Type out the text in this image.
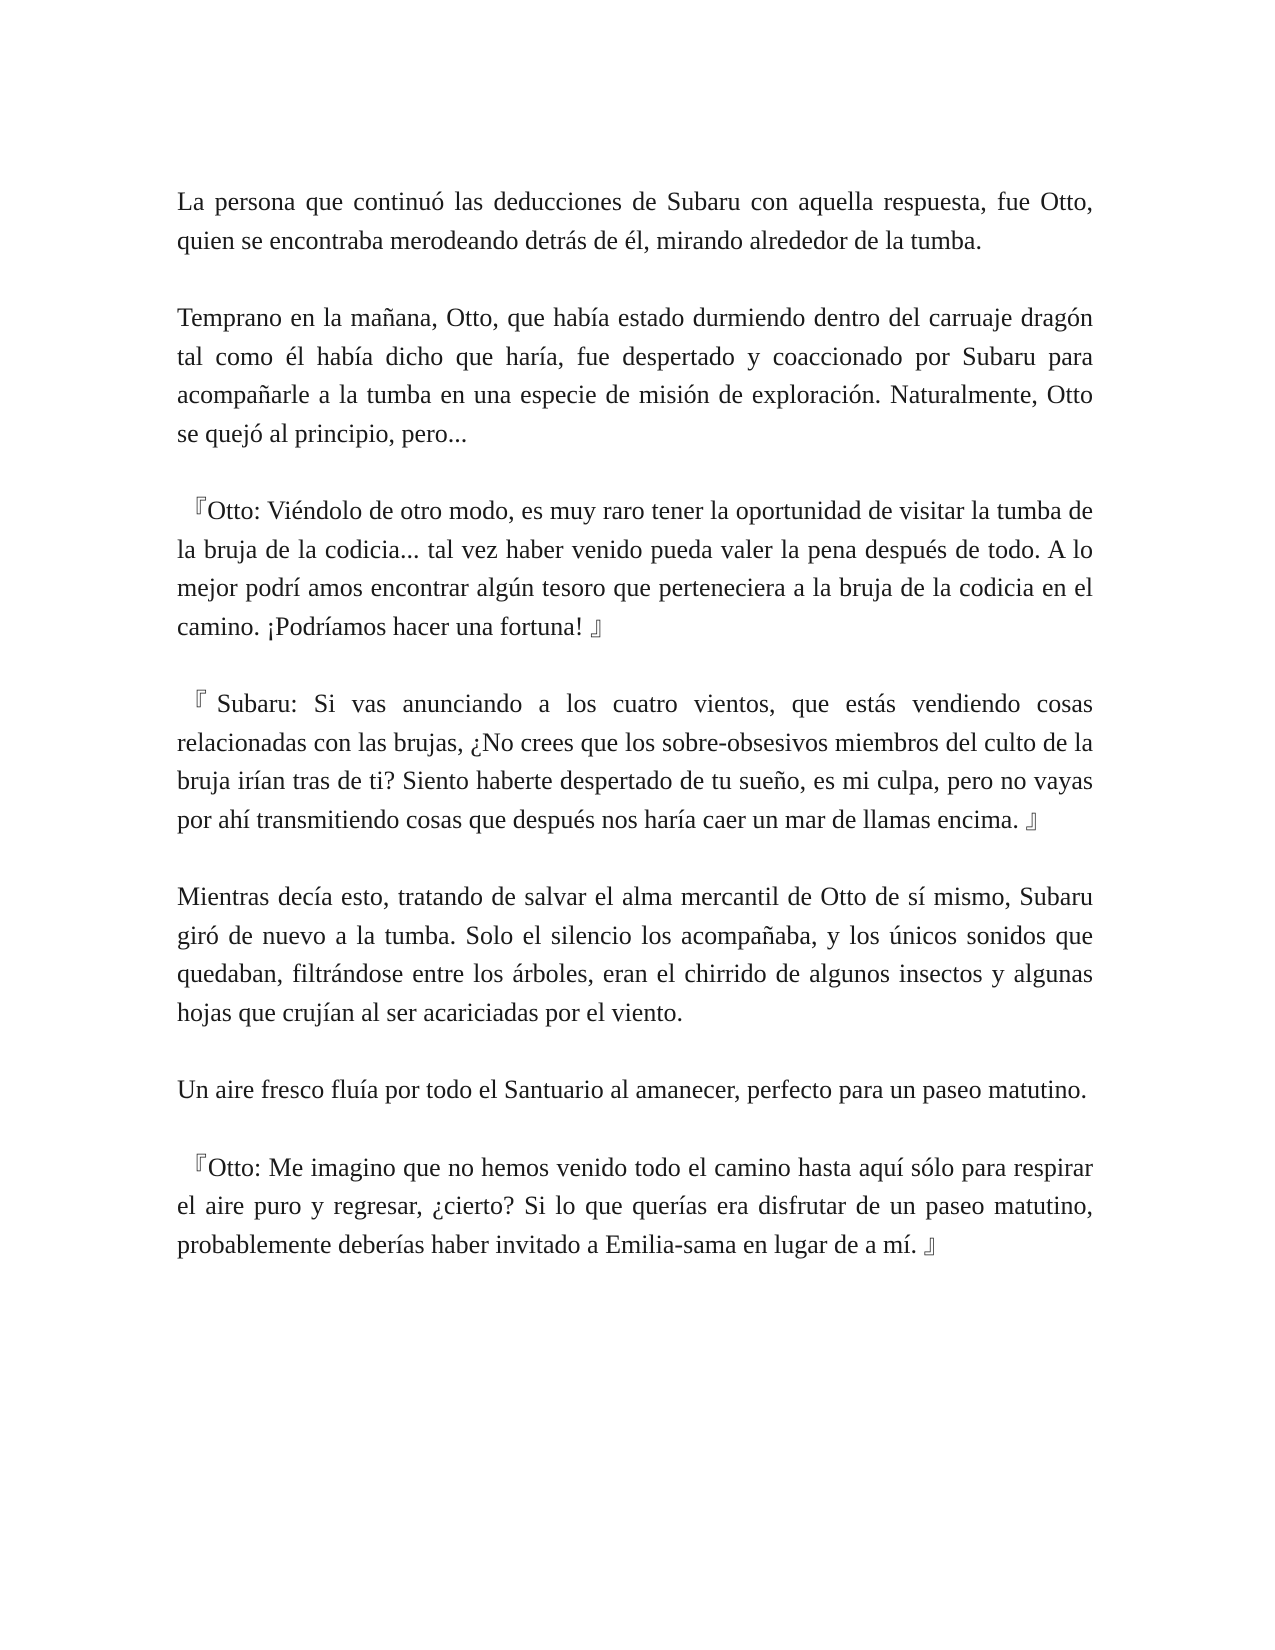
La persona que continuó las deducciones de Subaru con aquella respuesta, fue Otto, quien se encontraba merodeando detrás de él, mirando alrededor de la tumba.

Temprano en la mañana, Otto, que había estado durmiendo dentro del carruaje dragón tal como él había dicho que haría, fue despertado y coaccionado por Subaru para acompañarle a la tumba en una especie de misión de exploración. Naturalmente, Otto se quejó al principio, pero...

『Otto: Viéndolo de otro modo, es muy raro tener la oportunidad de visitar la tumba de la bruja de la codicia... tal vez haber venido pueda valer la pena después de todo. A lo mejor podrí amos encontrar algún tesoro que perteneciera a la bruja de la codicia en el camino. ¡Podríamos hacer una fortuna! 』

『Subaru: Si vas anunciando a los cuatro vientos, que estás vendiendo cosas relacionadas con las brujas, ¿No crees que los sobre-obsesivos miembros del culto de la bruja irían tras de ti? Siento haberte despertado de tu sueño, es mi culpa, pero no vayas por ahí transmitiendo cosas que después nos haría caer un mar de llamas encima. 』

Mientras decía esto, tratando de salvar el alma mercantil de Otto de sí mismo, Subaru giró de nuevo a la tumba. Solo el silencio los acompañaba, y los únicos sonidos que quedaban, filtrándose entre los árboles, eran el chirrido de algunos insectos y algunas hojas que crujían al ser acariciadas por el viento.

Un aire fresco fluía por todo el Santuario al amanecer, perfecto para un paseo matutino.

『Otto: Me imagino que no hemos venido todo el camino hasta aquí sólo para respirar el aire puro y regresar, ¿cierto? Si lo que querías era disfrutar de un paseo matutino, probablemente deberías haber invitado a Emilia-sama en lugar de a mí. 』
